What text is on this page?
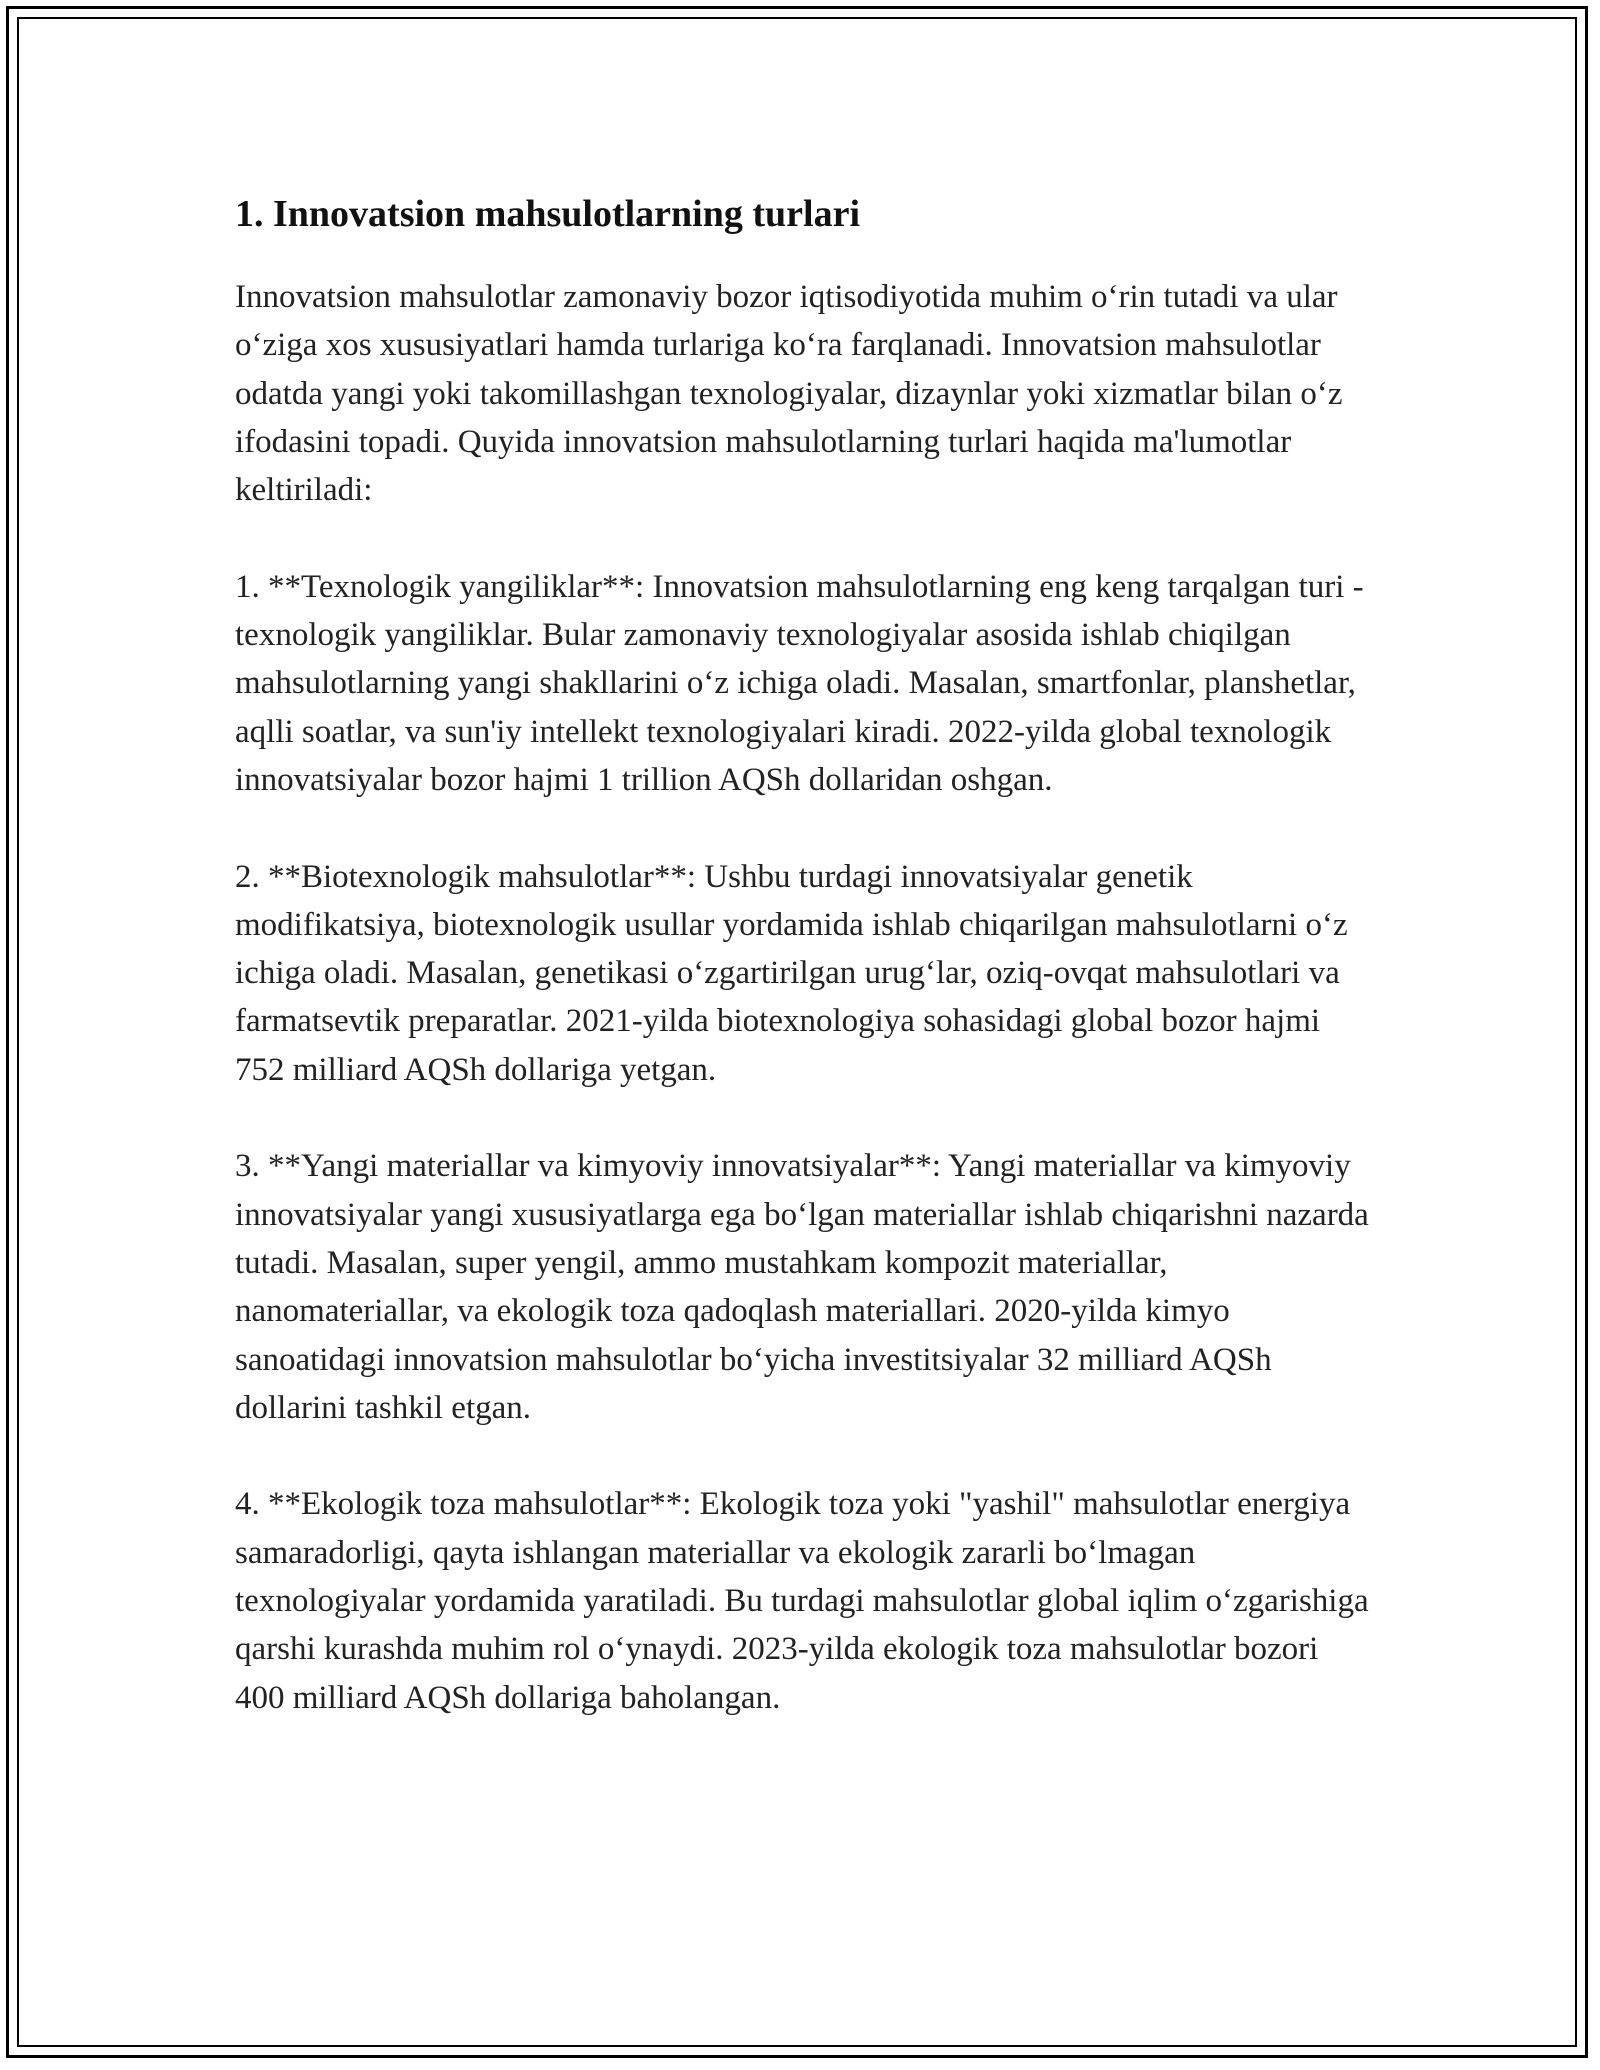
1. Innovatsion mahsulotlarning turlari

Innovatsion mahsulotlar zamonaviy bozor iqtisodiyotida muhim o‘rin tutadi va ular o‘ziga xos xususiyatlari hamda turlariga ko‘ra farqlanadi. Innovatsion mahsulotlar odatda yangi yoki takomillashgan texnologiyalar, dizaynlar yoki xizmatlar bilan o‘z ifodasini topadi. Quyida innovatsion mahsulotlarning turlari haqida ma'lumotlar keltiriladi:

1. **Texnologik yangiliklar**: Innovatsion mahsulotlarning eng keng tarqalgan turi - texnologik yangiliklar. Bular zamonaviy texnologiyalar asosida ishlab chiqilgan mahsulotlarning yangi shakllarini o‘z ichiga oladi. Masalan, smartfonlar, planshetlar, aqlli soatlar, va sun'iy intellekt texnologiyalari kiradi. 2022-yilda global texnologik innovatsiyalar bozor hajmi 1 trillion AQSh dollaridan oshgan.

2. **Biotexnologik mahsulotlar**: Ushbu turdagi innovatsiyalar genetik modifikatsiya, biotexnologik usullar yordamida ishlab chiqarilgan mahsulotlarni o‘z ichiga oladi. Masalan, genetikasi o‘zgartirilgan urug‘lar, oziq-ovqat mahsulotlari va farmatsevtik preparatlar. 2021-yilda biotexnologiya sohasidagi global bozor hajmi 752 milliard AQSh dollariga yetgan.

3. **Yangi materiallar va kimyoviy innovatsiyalar**: Yangi materiallar va kimyoviy innovatsiyalar yangi xususiyatlarga ega bo‘lgan materiallar ishlab chiqarishni nazarda tutadi. Masalan, super yengil, ammo mustahkam kompozit materiallar, nanomateriallar, va ekologik toza qadoqlash materiallari. 2020-yilda kimyo sanoatidagi innovatsion mahsulotlar bo‘yicha investitsiyalar 32 milliard AQSh dollarini tashkil etgan.

4. **Ekologik toza mahsulotlar**: Ekologik toza yoki "yashil" mahsulotlar energiya samaradorligi, qayta ishlangan materiallar va ekologik zararli bo‘lmagan texnologiyalar yordamida yaratiladi. Bu turdagi mahsulotlar global iqlim o‘zgarishiga qarshi kurashda muhim rol o‘ynaydi. 2023-yilda ekologik toza mahsulotlar bozori 400 milliard AQSh dollariga baholangan.
